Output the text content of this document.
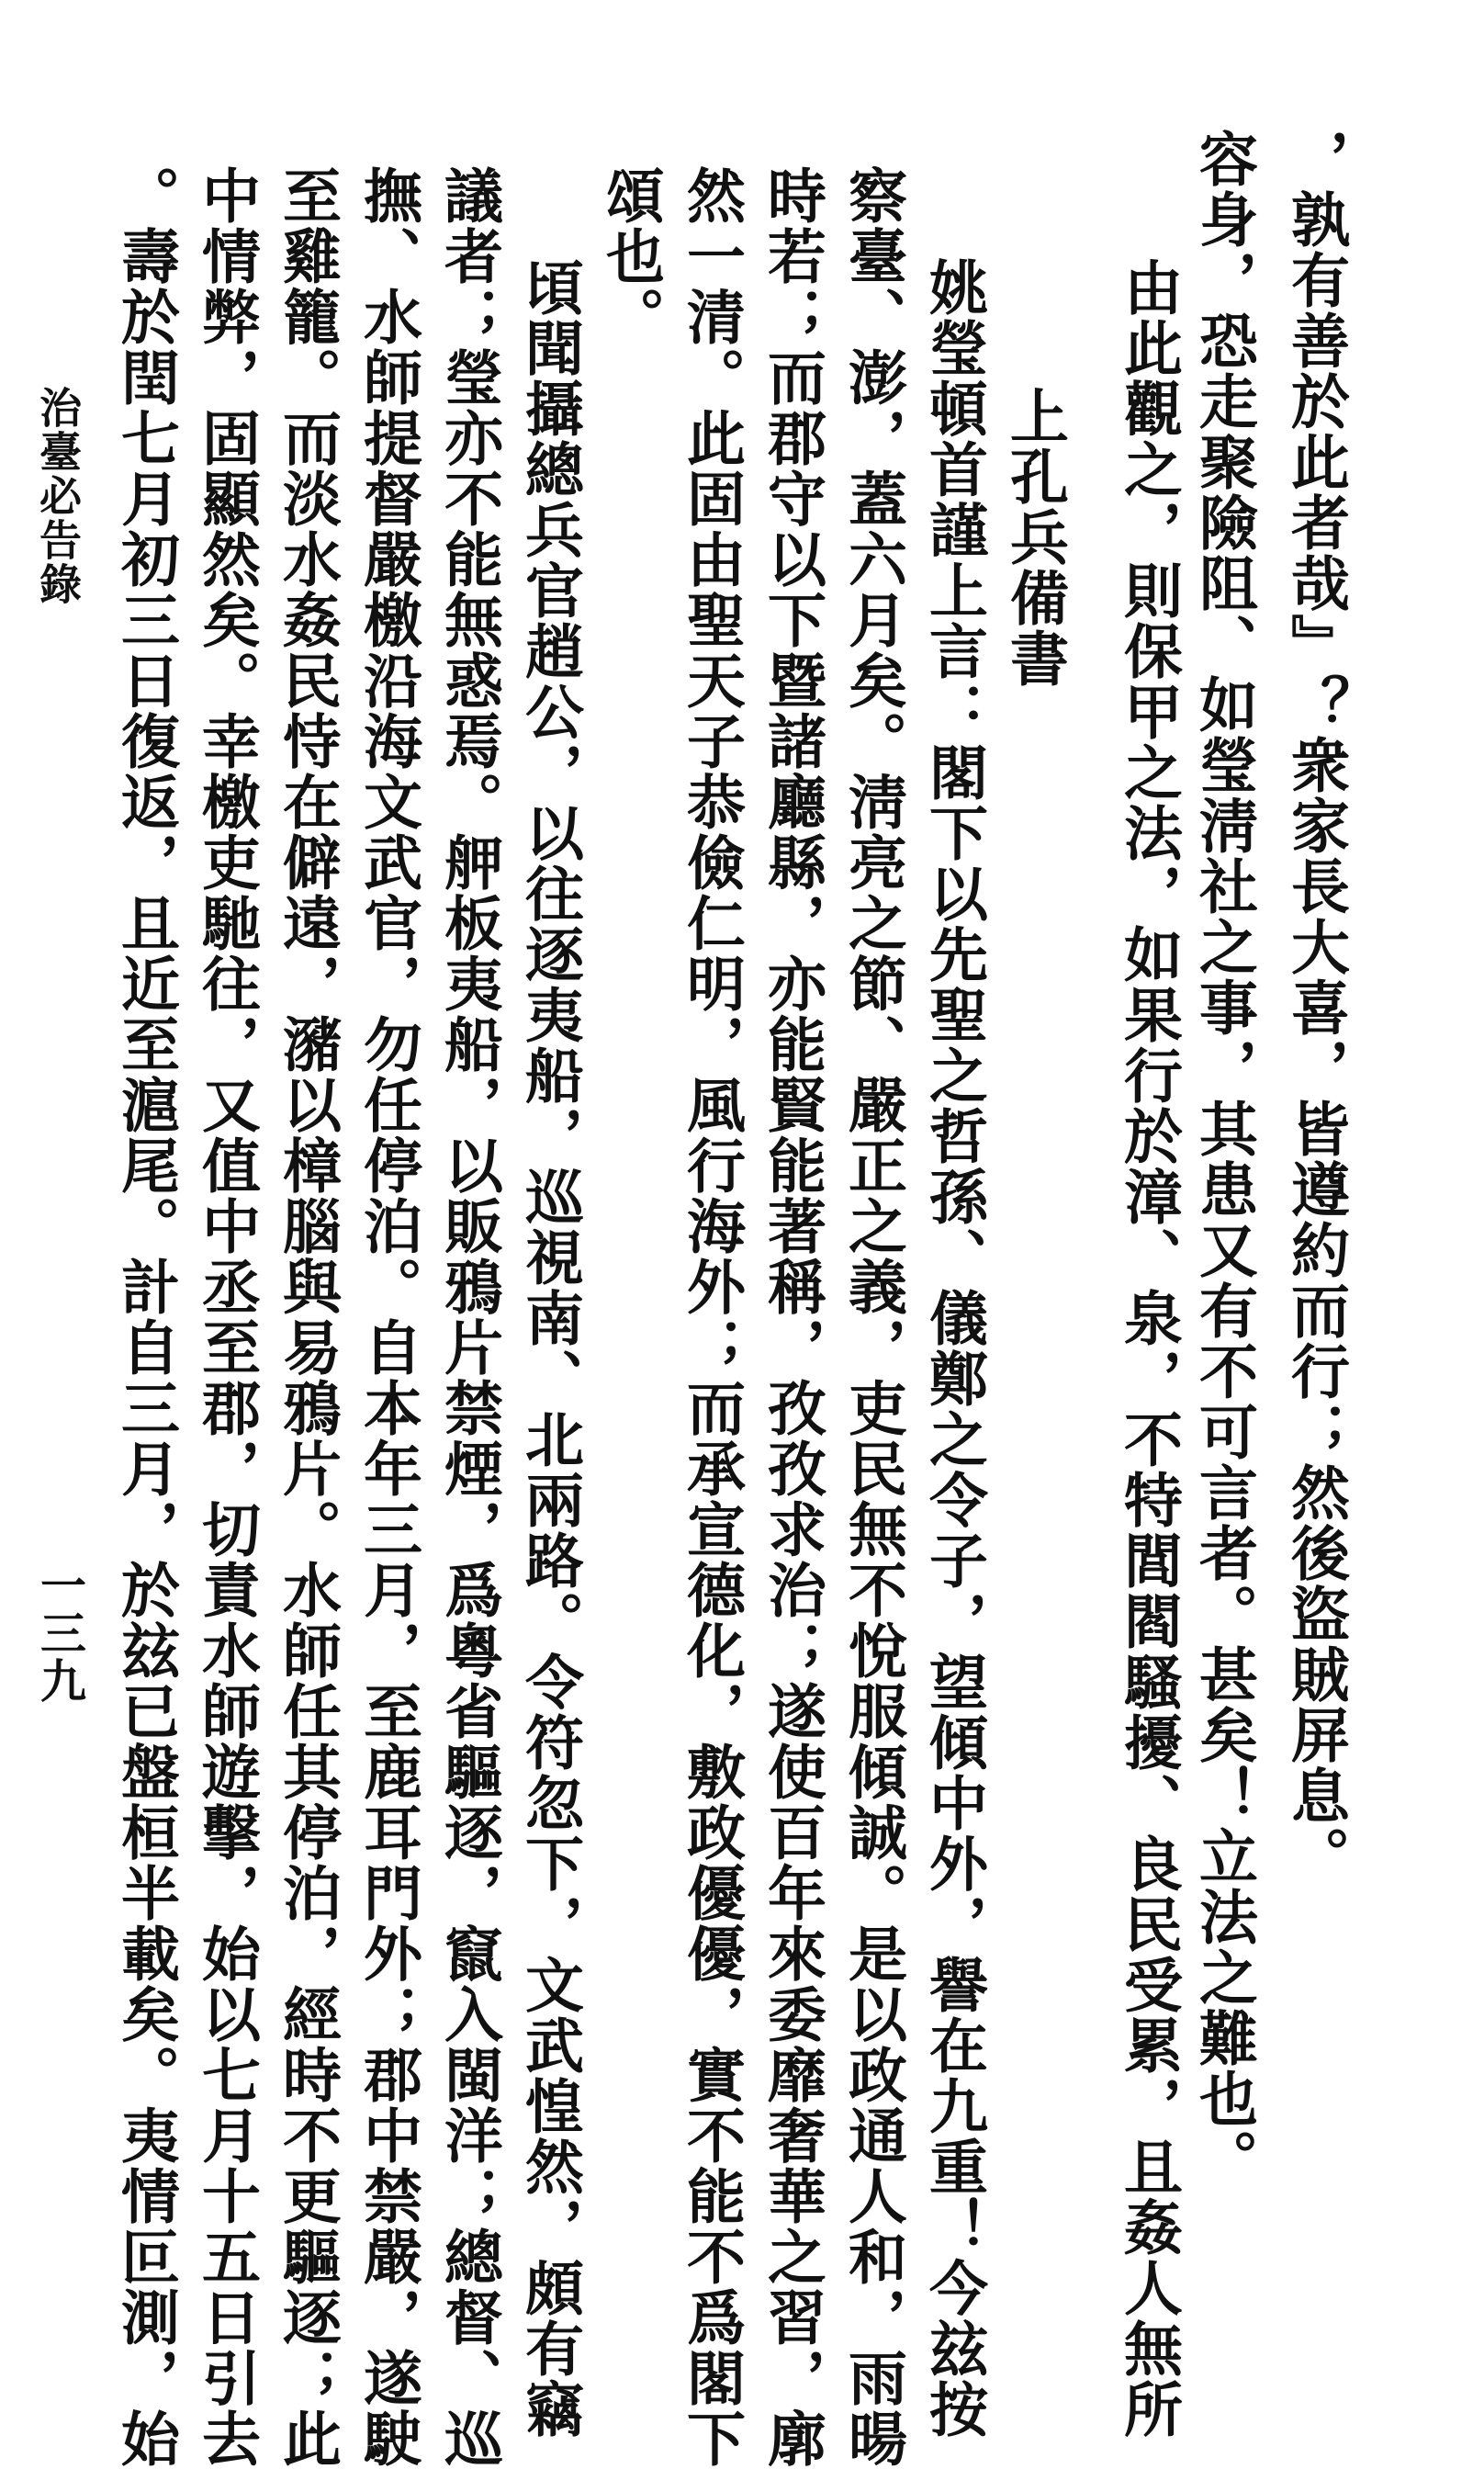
，孰有善於此者哉』？衆家長大喜，皆遵約而行；然後盜賊屏息。
容身，恐走聚險阻、如瑩淸社之事，其患又有不可言者。甚矣！立法之難也。
由此觀之，則保甲之法，如果行於漳、泉，不特閭閻騷擾、良民受累，且姦人無所
上孔兵備書
姚瑩頓首謹上言：閣下以先聖之哲孫、儀鄭之令子，望傾中外，譽在九重！今玆按
察臺、澎，蓋六月矣。淸亮之節、嚴正之義，吏民無不悅服傾誠。是以政通人和，雨暘
時若；而郡守以下暨諸廳縣，亦能賢能著稱，孜孜求治；遂使百年來委靡奢華之習，廓
然一清。此固由聖天子恭儉仁明，風行海外；而承宣德化，敷政優優，實不能不爲閣下
頌也。
頃聞攝總兵官趙公，以往逐夷船，巡視南、北兩路。令符忽下，文武惶然，頗有竊
議者；瑩亦不能無惑焉。舺板夷船，以販鴉片禁煙，爲粵省驅逐，竄入閩洋；總督、巡
撫、水師提督嚴檄沿海文武官，勿任停泊。自本年三月，至鹿耳門外；郡中禁嚴，遂駛
至雞籠。而淡水姦民恃在僻遠，瀦以樟腦與易鴉片。水師任其停泊，經時不更驅逐；此
中情弊，固顯然矣。幸檄吏馳往，又值中丞至郡，切責水師遊擊，始以七月十五日引去
。壽於閏七月初三日復返，且近至滬尾。計自三月，於玆已盤桓半載矣。夷情叵測，始
治臺必告錄
一三九
